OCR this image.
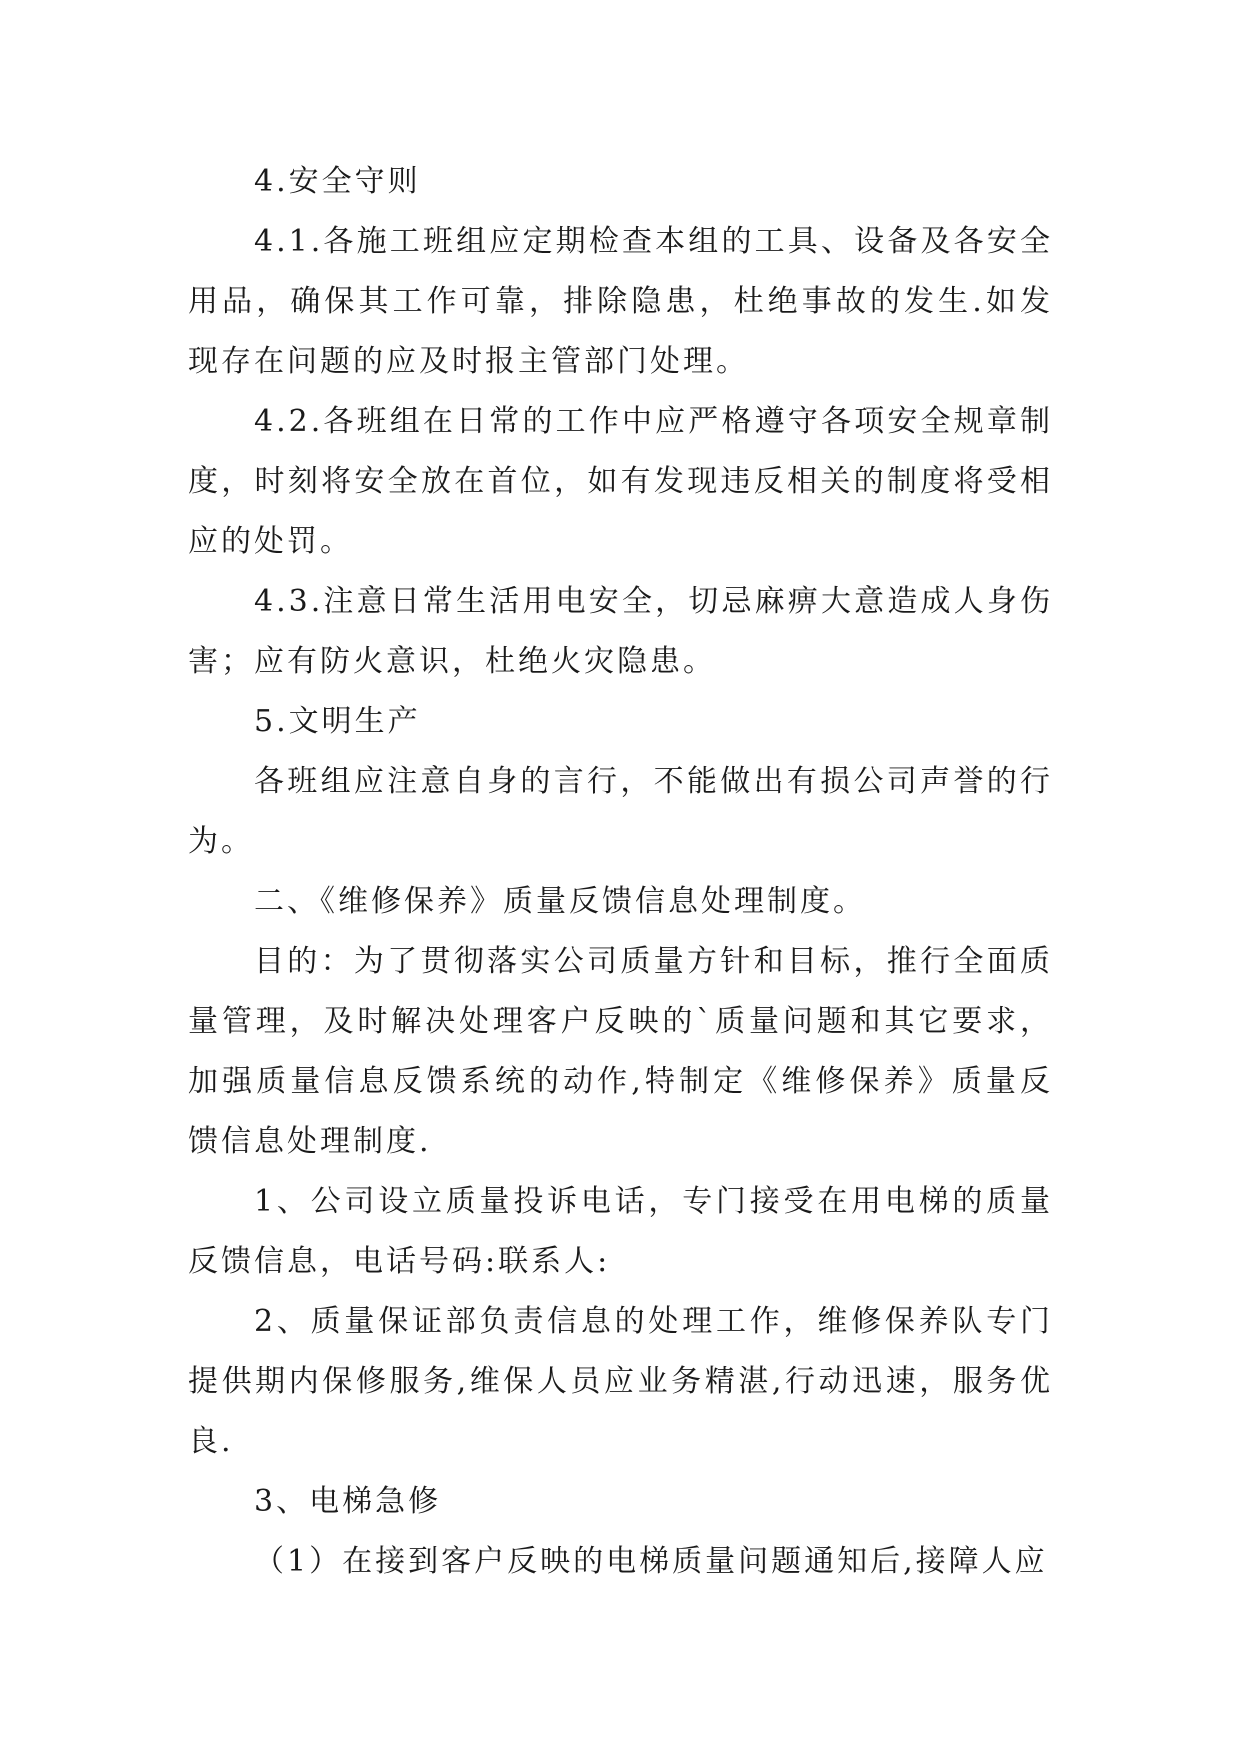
4.安全守则

4.1.各施工班组应定期检查本组的工具、设备及各安全用品，确保其工作可靠，排除隐患，杜绝事故的发生.如发现存在问题的应及时报主管部门处理。

4.2.各班组在日常的工作中应严格遵守各项安全规章制度，时刻将安全放在首位，如有发现违反相关的制度将受相应的处罚。

4.3.注意日常生活用电安全，切忌麻痹大意造成人身伤害；应有防火意识，杜绝火灾隐患。

5.文明生产

各班组应注意自身的言行，不能做出有损公司声誉的行为。

二、《维修保养》质量反馈信息处理制度。

目的：为了贯彻落实公司质量方针和目标，推行全面质量管理，及时解决处理客户反映的`质量问题和其它要求，加强质量信息反馈系统的动作,特制定《维修保养》质量反馈信息处理制度.

1、公司设立质量投诉电话，专门接受在用电梯的质量反馈信息，电话号码:联系人:

2、质量保证部负责信息的处理工作，维修保养队专门提供期内保修服务,维保人员应业务精湛,行动迅速，服务优良.

3、电梯急修

（1）在接到客户反映的电梯质量问题通知后,接障人应
